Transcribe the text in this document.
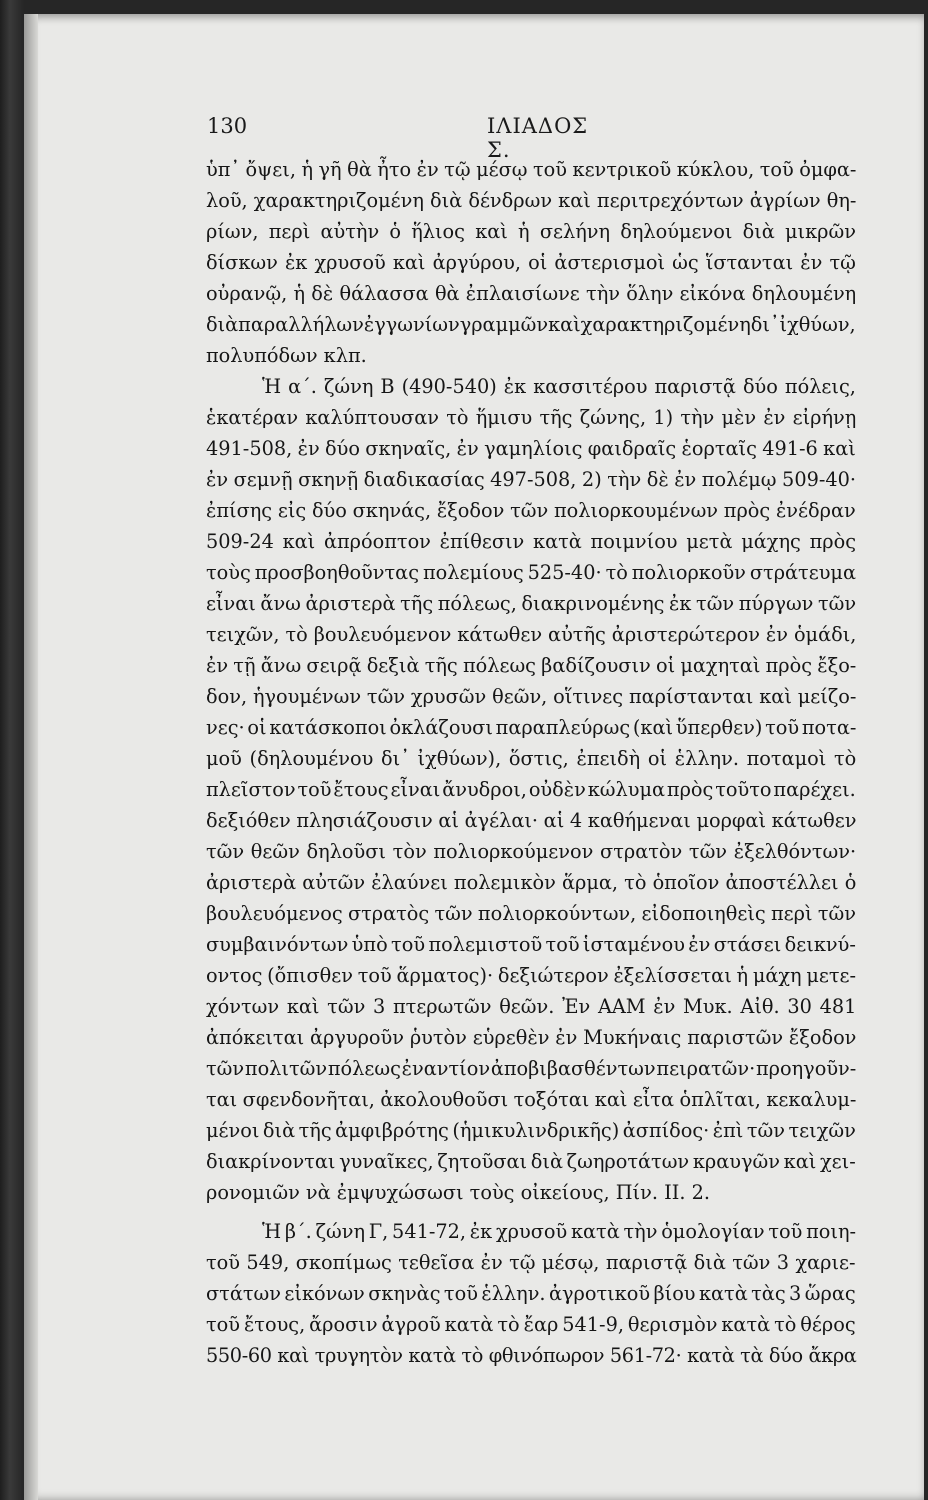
130	ΙΛΙΑΔΟΣ Σ.
ὑπ᾽ ὄψει, ἡ γῆ θὰ ἦτο ἐν τῷ μέσῳ τοῦ κεντρικοῦ κύκλου, τοῦ ὀμφα-
λοῦ, χαρακτηριζομένη διὰ δένδρων καὶ περιτρεχόντων ἀγρίων θη-
ρίων, περὶ αὐτὴν ὁ ἥλιος καὶ ἡ σελήνη δηλούμενοι διὰ μικρῶν
δίσκων ἐκ χρυσοῦ καὶ ἀργύρου, οἱ ἀστερισμοὶ ὡς ἵστανται ἐν τῷ
οὐρανῷ, ἡ δὲ θάλασσα θὰ ἐπλαισίωνε τὴν ὅλην εἰκόνα δηλουμένη
διὰ παραλλήλων ἐγγωνίων γραμμῶν καὶ χαρακτηριζομένη δι᾽ ἰχθύων,
πολυπόδων κλπ.
Ἡ α΄. ζώνη Β (490-540) ἐκ κασσιτέρου παριστᾷ δύο πόλεις,
ἑκατέραν καλύπτουσαν τὸ ἥμισυ τῆς ζώνης, 1) τὴν μὲν ἐν εἰρήνῃ
491-508, ἐν δύο σκηναῖς, ἐν γαμηλίοις φαιδραῖς ἑορταῖς 491-6 καὶ
ἐν σεμνῇ σκηνῇ διαδικασίας 497-508, 2) τὴν δὲ ἐν πολέμῳ 509-40·
ἐπίσης εἰς δύο σκηνάς, ἔξοδον τῶν πολιορκουμένων πρὸς ἐνέδραν
509-24 καὶ ἀπρόοπτον ἐπίθεσιν κατὰ ποιμνίου μετὰ μάχης πρὸς
τοὺς προσβοηθοῦντας πολεμίους 525-40· τὸ πολιορκοῦν στράτευμα
εἶναι ἄνω ἀριστερὰ τῆς πόλεως, διακρινομένης ἐκ τῶν πύργων τῶν
τειχῶν, τὸ βουλευόμενον κάτωθεν αὐτῆς ἀριστερώτερον ἐν ὁμάδι,
ἐν τῇ ἄνω σειρᾷ δεξιὰ τῆς πόλεως βαδίζουσιν οἱ μαχηταὶ πρὸς ἔξο-
δον, ἡγουμένων τῶν χρυσῶν θεῶν, οἵτινες παρίστανται καὶ μείζο-
νες· οἱ κατάσκοποι ὀκλάζουσι παραπλεύρως (καὶ ὕπερθεν) τοῦ ποτα-
μοῦ (δηλουμένου δι᾽ ἰχθύων), ὅστις, ἐπειδὴ οἱ ἑλλην. ποταμοὶ τὸ
πλεῖστον τοῦ ἔτους εἶναι ἄνυδροι, οὐδὲν κώλυμα πρὸς τοῦτο παρέχει.
δεξιόθεν πλησιάζουσιν αἱ ἀγέλαι· αἱ 4 καθήμεναι μορφαὶ κάτωθεν
τῶν θεῶν δηλοῦσι τὸν πολιορκούμενον στρατὸν τῶν ἐξελθόντων·
ἀριστερὰ αὐτῶν ἐλαύνει πολεμικὸν ἅρμα, τὸ ὁποῖον ἀποστέλλει ὁ
βουλευόμενος στρατὸς τῶν πολιορκούντων, εἰδοποιηθεὶς περὶ τῶν
συμβαινόντων ὑπὸ τοῦ πολεμιστοῦ τοῦ ἱσταμένου ἐν στάσει δεικνύ-
οντος (ὄπισθεν τοῦ ἅρματος)· δεξιώτερον ἐξελίσσεται ἡ μάχη μετε-
χόντων καὶ τῶν 3 πτερωτῶν θεῶν. Ἐν ΑΑΜ ἐν Μυκ. Αἰθ. 30 481
ἀπόκειται ἀργυροῦν ῥυτὸν εὑρεθὲν ἐν Μυκήναις παριστῶν ἔξοδον
τῶν πολιτῶν πόλεως ἐναντίον ἀποβιβασθέντων πειρατῶν· προηγοῦν-
ται σφενδονῆται, ἀκολουθοῦσι τοξόται καὶ εἶτα ὁπλῖται, κεκαλυμ-
μένοι διὰ τῆς ἀμφιβρότης (ἡμικυλινδρικῆς) ἀσπίδος· ἐπὶ τῶν τειχῶν
διακρίνονται γυναῖκες, ζητοῦσαι διὰ ζωηροτάτων κραυγῶν καὶ χει-
ρονομιῶν νὰ ἐμψυχώσωσι τοὺς οἰκείους, Πίν. ΙΙ. 2.
Ἡ β΄. ζώνη Γ, 541-72, ἐκ χρυσοῦ κατὰ τὴν ὁμολογίαν τοῦ ποιη-
τοῦ 549, σκοπίμως τεθεῖσα ἐν τῷ μέσῳ, παριστᾷ διὰ τῶν 3 χαριε-
στάτων εἰκόνων σκηνὰς τοῦ ἑλλην. ἀγροτικοῦ βίου κατὰ τὰς 3 ὥρας
τοῦ ἔτους, ἄροσιν ἀγροῦ κατὰ τὸ ἔαρ 541-9, θερισμὸν κατὰ τὸ θέρος
550-60 καὶ τρυγητὸν κατὰ τὸ φθινόπωρον 561-72· κατὰ τὰ δύο ἄκρα
